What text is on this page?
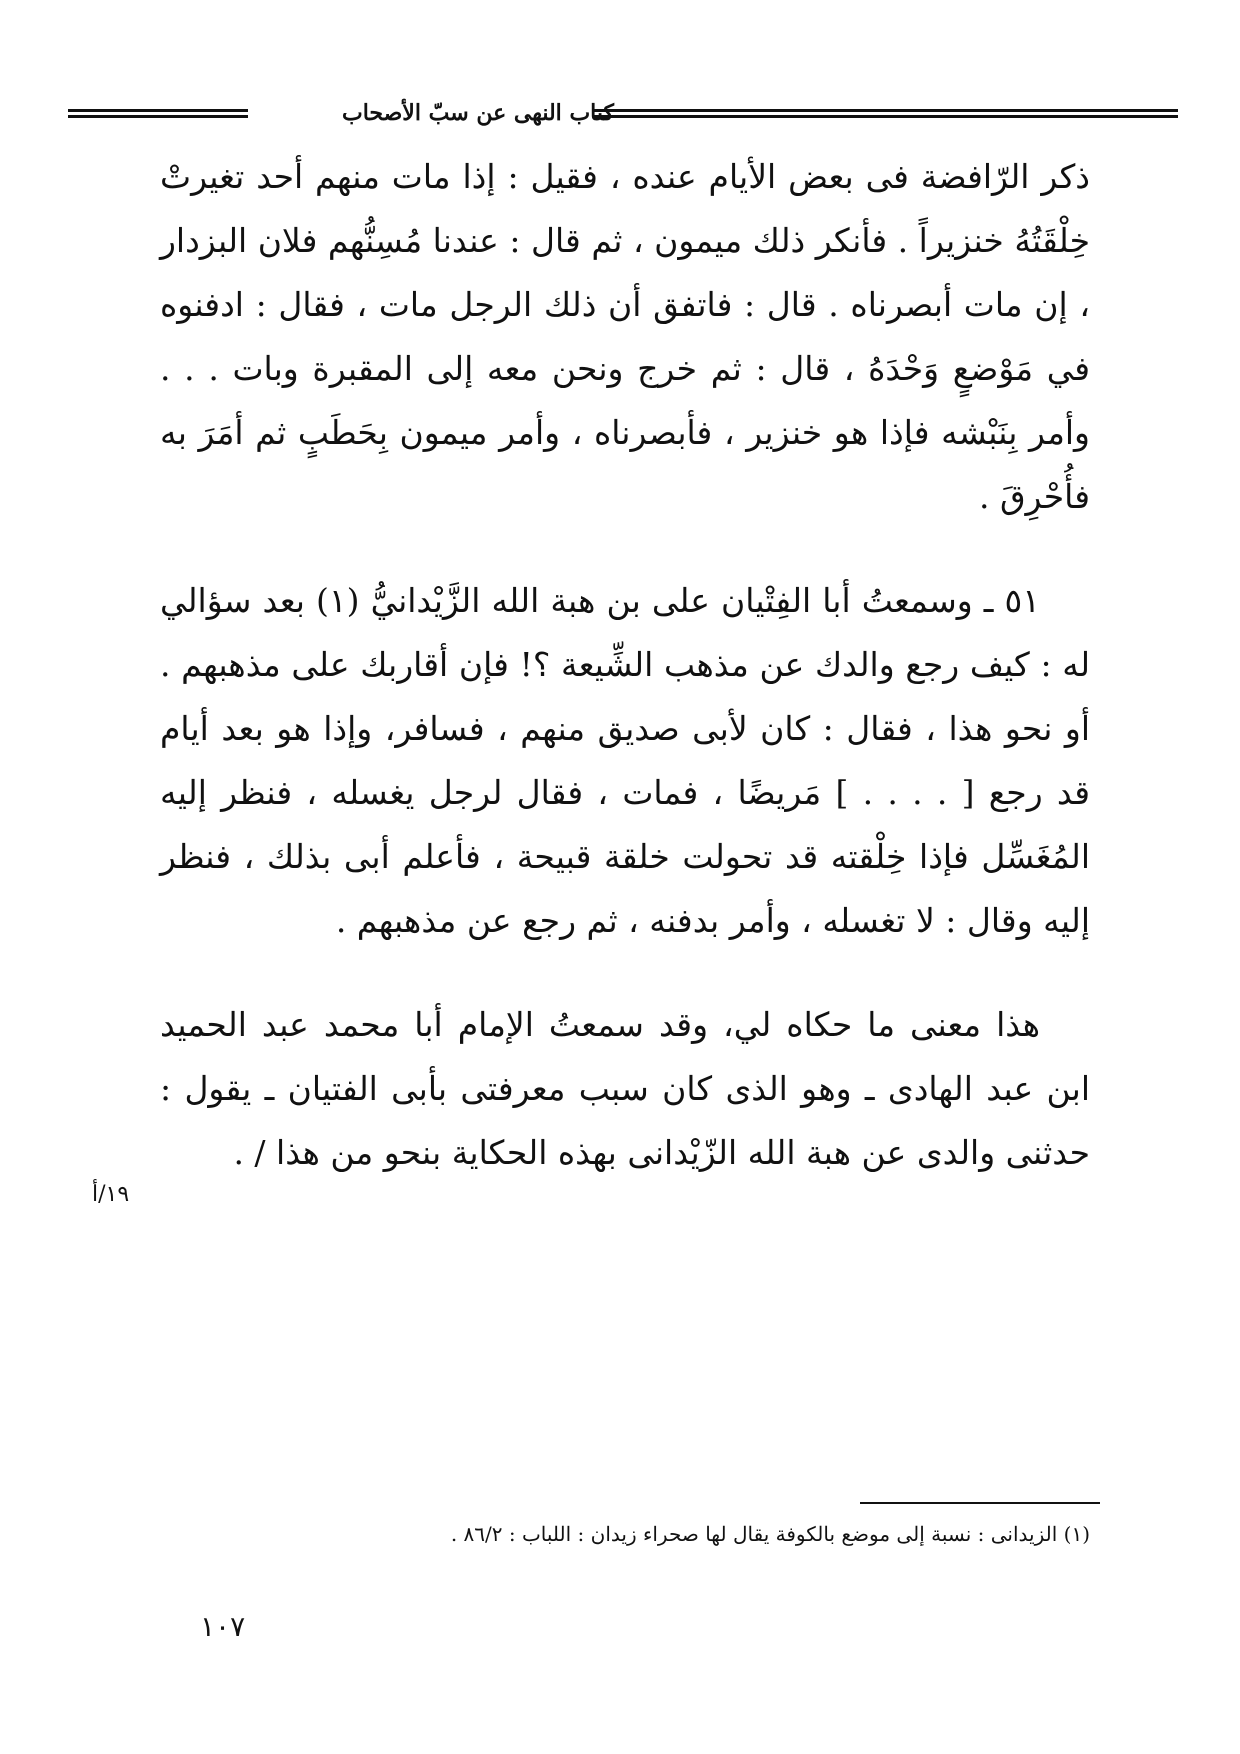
كتاب النهى عن سبّ الأصحاب

ذكر الرّافضة فى بعض الأيام عنده ، فقيل : إذا مات منهم أحد تغيرتْ خِلْقَتُهُ خنزيراً . فأنكر ذلك ميمون ، ثم قال : عندنا مُسِنُّهم فلان البزدار ، إن مات أبصرناه . قال : فاتفق أن ذلك الرجل مات ، فقال : ادفنوه في مَوْضعٍ وَحْدَهُ ، قال : ثم خرج ونحن معه إلى المقبرة وبات . . . وأمر بِنَبْشه فإذا هو خنزير ، فأبصرناه ، وأمر ميمون بِحَطَبٍ ثم أمَرَ به فأُحْرِقَ .

٥١ ـ وسمعتُ أبا الفِتْيان على بن هبة الله الزَّيْدانيُّ (١) بعد سؤالي له : كيف رجع والدك عن مذهب الشِّيعة ؟! فإن أقاربك على مذهبهم . أو نحو هذا ، فقال : كان لأبى صديق منهم ، فسافر، وإذا هو بعد أيام قد رجع [ . . . . ] مَريضًا ، فمات ، فقال لرجل يغسله ، فنظر إليه المُغَسِّل فإذا خِلْقته قد تحولت خلقة قبيحة ، فأعلم أبى بذلك ، فنظر إليه وقال : لا تغسله ، وأمر بدفنه ، ثم رجع عن مذهبهم .

هذا معنى ما حكاه لي، وقد سمعتُ الإمام أبا محمد عبد الحميد ابن عبد الهادى ـ وهو الذى كان سبب معرفتى بأبى الفتيان ـ يقول : حدثنى والدى عن هبة الله الزّيْدانى بهذه الحكاية بنحو من هذا / .

١٩/أ
(١) الزيدانى : نسبة إلى موضع بالكوفة يقال لها صحراء زيدان : اللباب : ٨٦/٢ .
١٠٧
